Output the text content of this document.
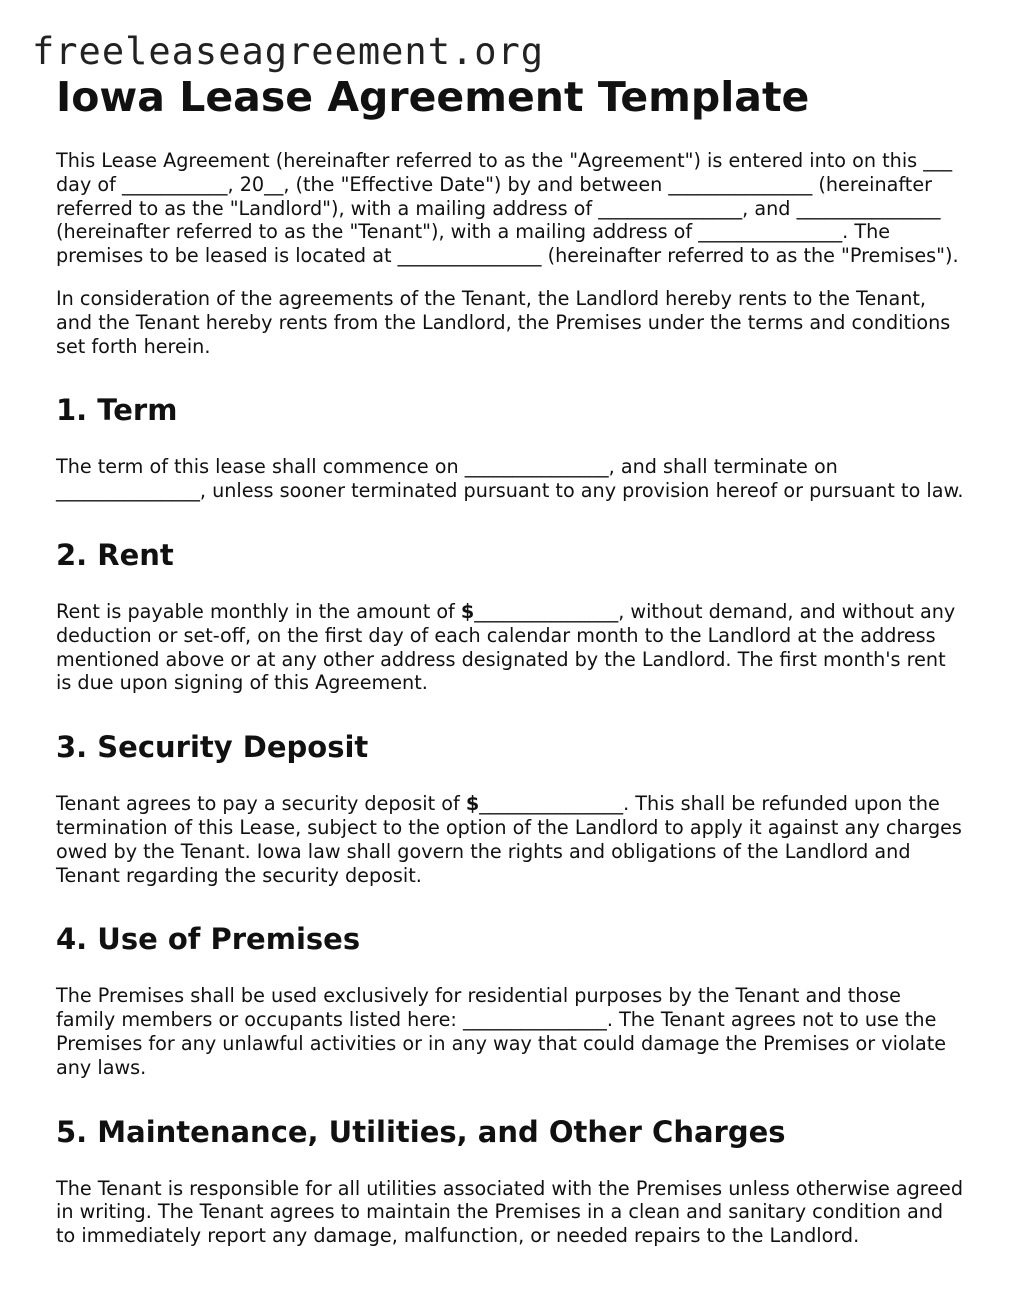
freeleaseagreement.org
Iowa Lease Agreement Template

This Lease Agreement (hereinafter referred to as the "Agreement") is entered into on this ___ day of ___________, 20__, (the "Effective Date") by and between _______________ (hereinafter referred to as the "Landlord"), with a mailing address of _______________, and _______________ (hereinafter referred to as the "Tenant"), with a mailing address of _______________. The premises to be leased is located at _______________ (hereinafter referred to as the "Premises").

In consideration of the agreements of the Tenant, the Landlord hereby rents to the Tenant, and the Tenant hereby rents from the Landlord, the Premises under the terms and conditions set forth herein.

1. Term

The term of this lease shall commence on _______________, and shall terminate on _______________, unless sooner terminated pursuant to any provision hereof or pursuant to law.

2. Rent

Rent is payable monthly in the amount of $_______________, without demand, and without any deduction or set-off, on the first day of each calendar month to the Landlord at the address mentioned above or at any other address designated by the Landlord. The first month's rent is due upon signing of this Agreement.

3. Security Deposit

Tenant agrees to pay a security deposit of $_______________. This shall be refunded upon the termination of this Lease, subject to the option of the Landlord to apply it against any charges owed by the Tenant. Iowa law shall govern the rights and obligations of the Landlord and Tenant regarding the security deposit.

4. Use of Premises

The Premises shall be used exclusively for residential purposes by the Tenant and those family members or occupants listed here: _______________. The Tenant agrees not to use the Premises for any unlawful activities or in any way that could damage the Premises or violate any laws.

5. Maintenance, Utilities, and Other Charges

The Tenant is responsible for all utilities associated with the Premises unless otherwise agreed in writing. The Tenant agrees to maintain the Premises in a clean and sanitary condition and to immediately report any damage, malfunction, or needed repairs to the Landlord.
